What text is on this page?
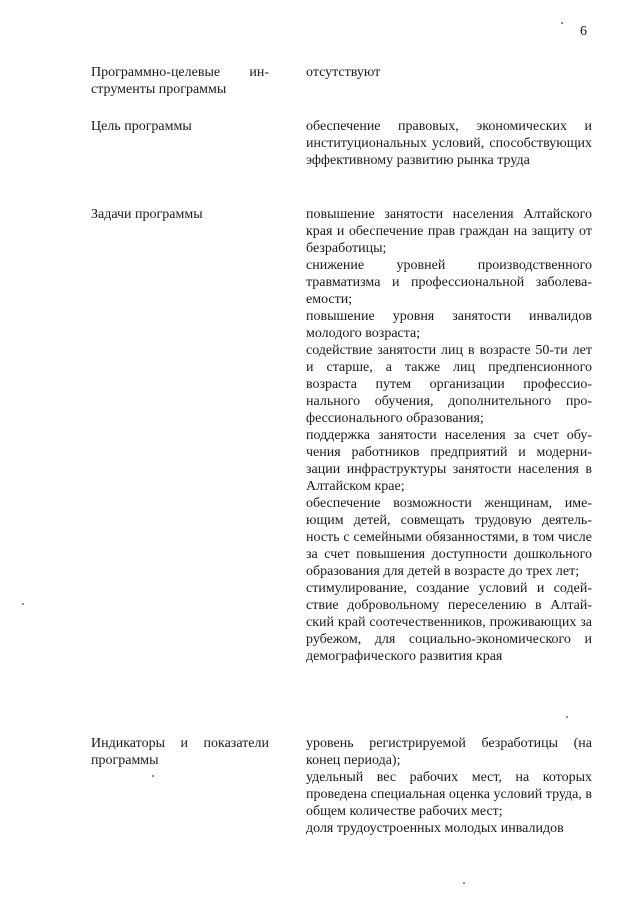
6
Программно-целевые инструменты программы
отсутствуют
Цель программы	обеспечение правовых, экономических и институциональных условий, способствующих эффективному развитию рынка труда
Задачи программы	повышение занятости населения Алтайского края и обеспечение прав граждан на защиту от безработицы;
снижение уровней производственного травматизма и профессиональной заболеваемости;
повышение уровня занятости инвалидов молодого возраста;
содействие занятости лиц в возрасте 50-ти лет и старше, а также лиц предпенсионного возраста путем организации профессионального обучения, дополнительного профессионального образования;
поддержка занятости населения за счет обучения работников предприятий и модернизации инфраструктуры занятости населения в Алтайском крае;
обеспечение возможности женщинам, имеющим детей, совмещать трудовую деятельность с семейными обязанностями, в том числе за счет повышения доступности дошкольного образования для детей в возрасте до трех лет;
стимулирование, создание условий и содействие добровольному переселению в Алтайский край соотечественников, проживающих за рубежом, для социально-экономического и демографического развития края
Индикаторы и показатели программы
уровень регистрируемой безработицы (на конец периода);
удельный вес рабочих мест, на которых проведена специальная оценка условий труда, в общем количестве рабочих мест;
доля трудоустроенных молодых инвалидов
